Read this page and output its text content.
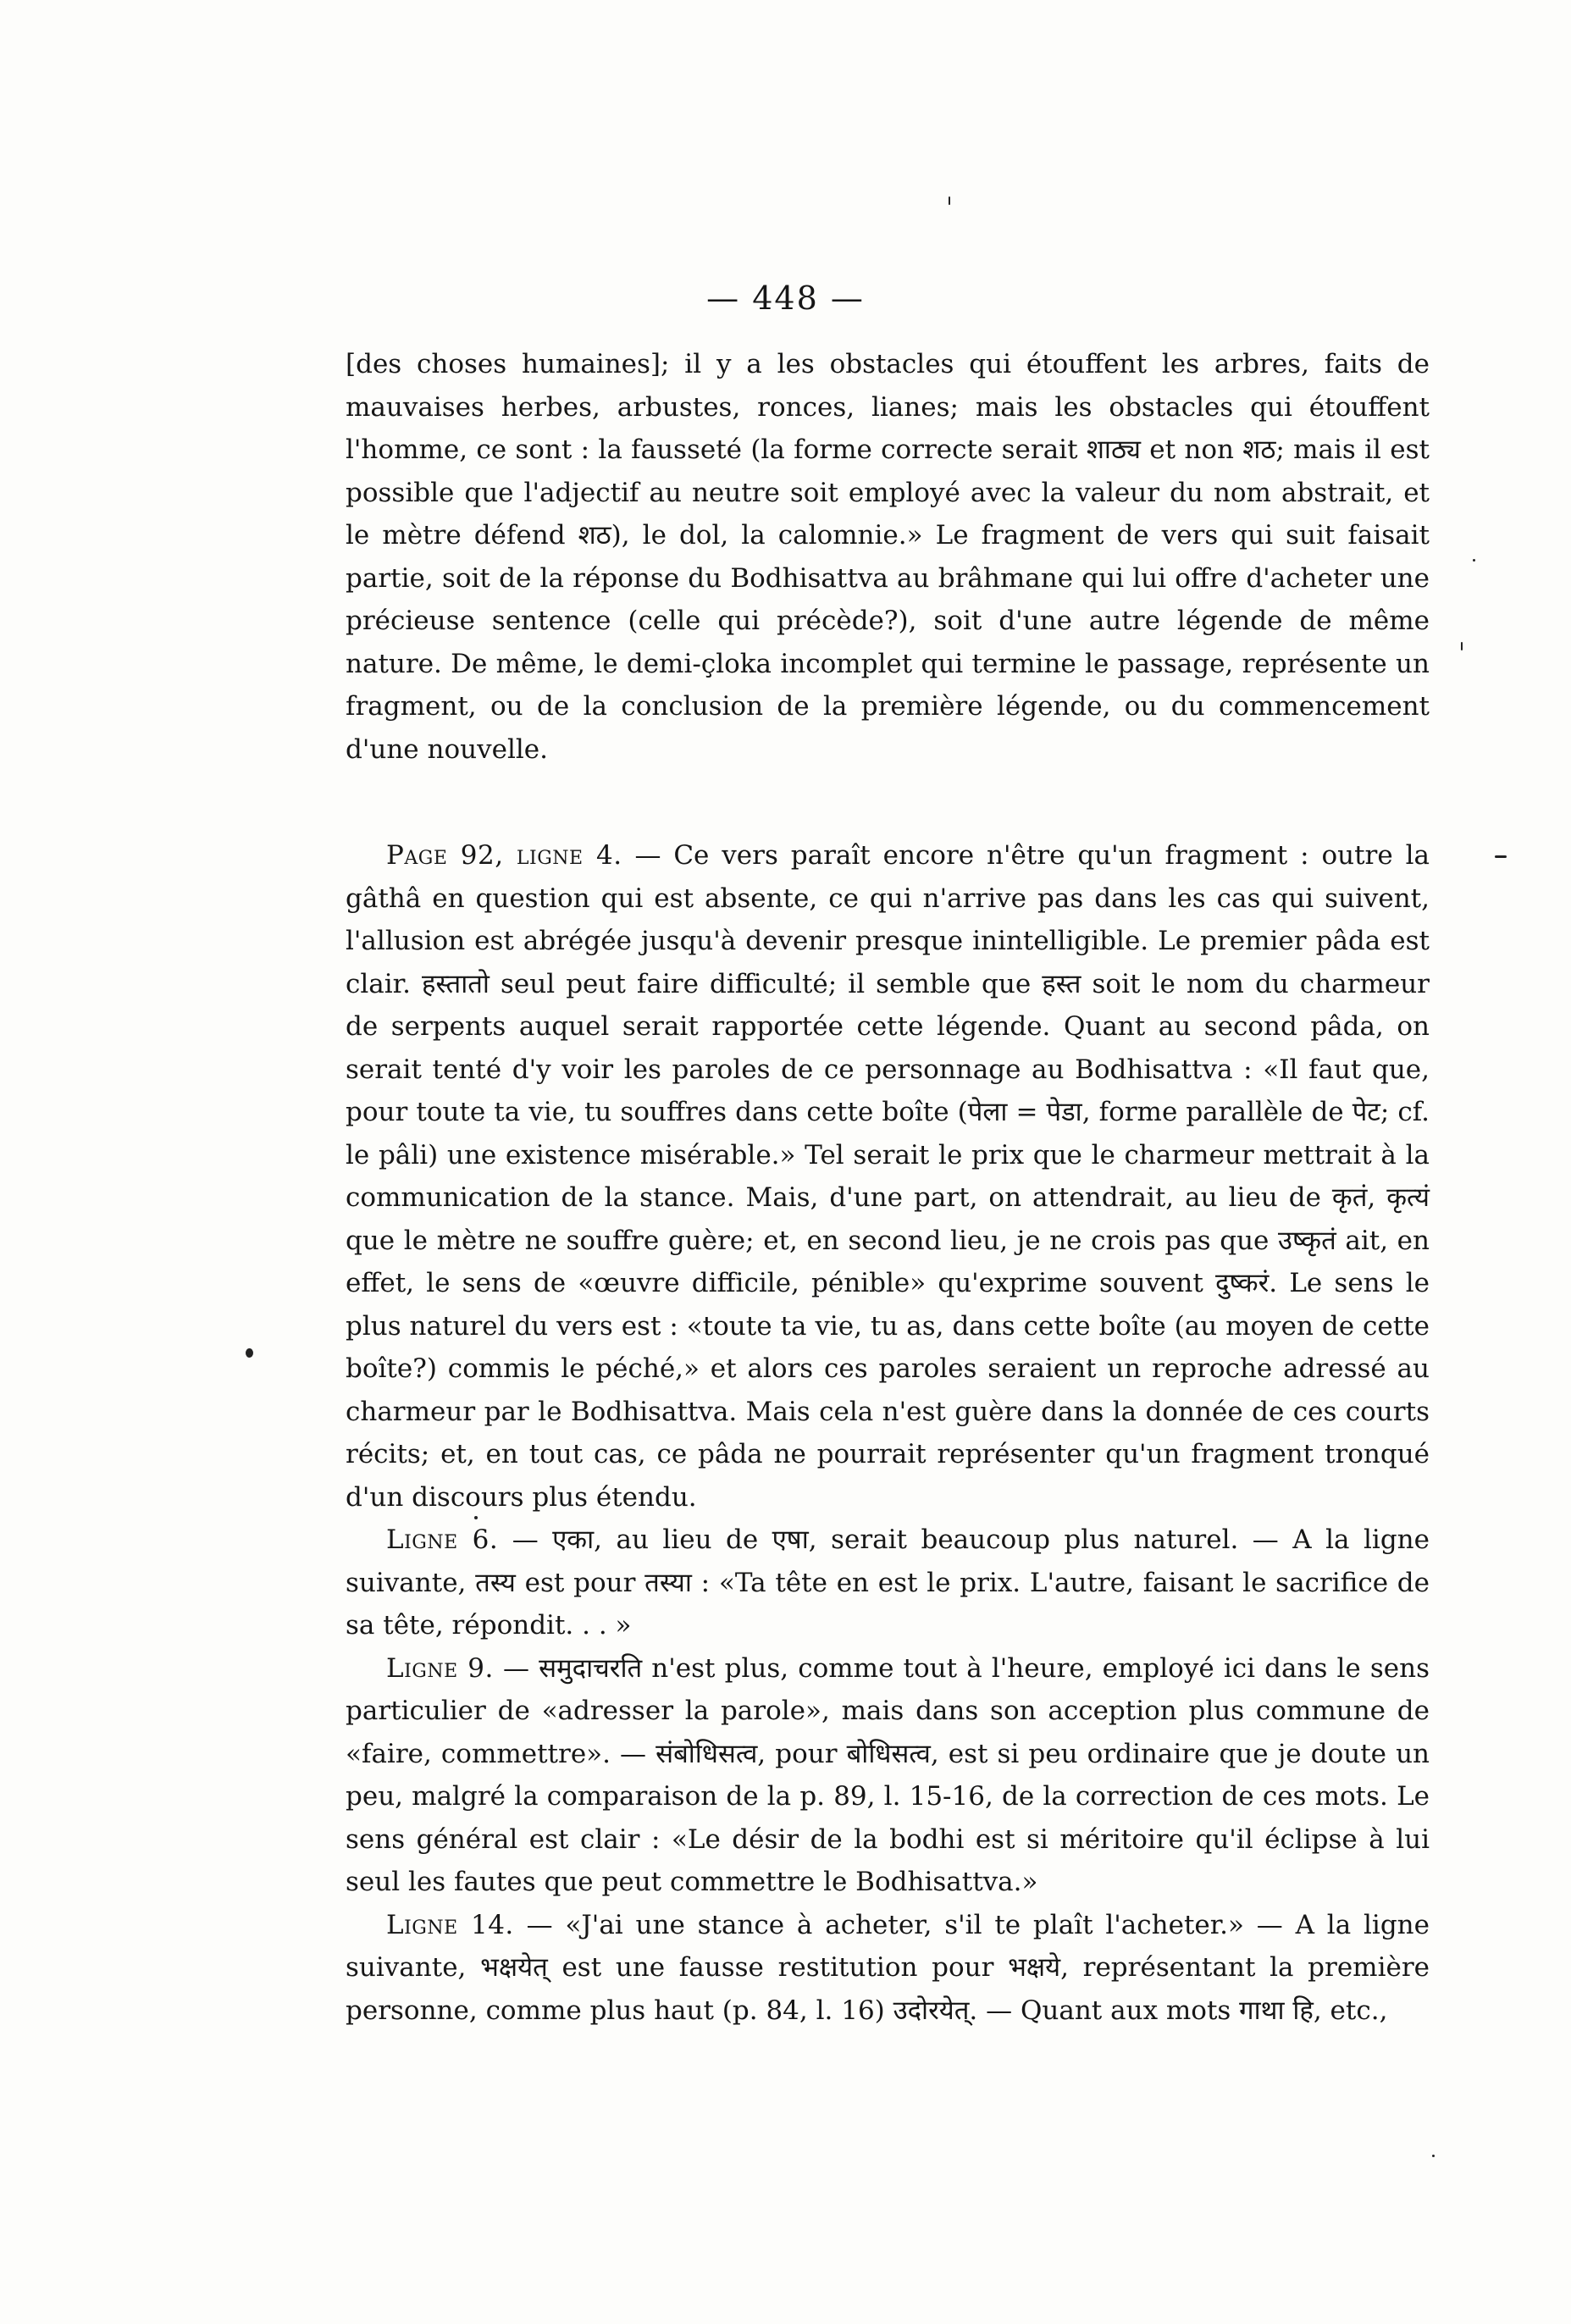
— 448 —

[des choses humaines]; il y a les obstacles qui étouffent les arbres, faits de mauvaises herbes, arbustes, ronces, lianes; mais les obstacles qui étouffent l'homme, ce sont : la fausseté (la forme correcte serait शाठ्य et non शठ; mais il est possible que l'adjectif au neutre soit employé avec la valeur du nom abstrait, et le mètre défend शठ), le dol, la calomnie.» Le fragment de vers qui suit faisait partie, soit de la réponse du Bodhisattva au brâhmane qui lui offre d'acheter une précieuse sentence (celle qui précède?), soit d'une autre légende de même nature. De même, le demi-çloka incomplet qui termine le passage, représente un fragment, ou de la conclusion de la première légende, ou du commencement d'une nouvelle.

Page 92, ligne 4. — Ce vers paraît encore n'être qu'un fragment : outre la gâthâ en question qui est absente, ce qui n'arrive pas dans les cas qui suivent, l'allusion est abrégée jusqu'à devenir presque inintelligible. Le premier pâda est clair. हस्तातो seul peut faire difficulté; il semble que हस्त soit le nom du charmeur de serpents auquel serait rapportée cette légende. Quant au second pâda, on serait tenté d'y voir les paroles de ce personnage au Bodhisattva : «Il faut que, pour toute ta vie, tu souffres dans cette boîte (पेला = पेडा, forme parallèle de पेट; cf. le pâli) une existence misérable.» Tel serait le prix que le charmeur mettrait à la communication de la stance. Mais, d'une part, on attendrait, au lieu de कृतं, कृत्यं que le mètre ne souffre guère; et, en second lieu, je ne crois pas que उष्कृतं ait, en effet, le sens de «œuvre difficile, pénible» qu'exprime souvent दुष्करं. Le sens le plus naturel du vers est : «toute ta vie, tu as, dans cette boîte (au moyen de cette boîte?) commis le péché,» et alors ces paroles seraient un reproche adressé au charmeur par le Bodhisattva. Mais cela n'est guère dans la donnée de ces courts récits; et, en tout cas, ce pâda ne pourrait représenter qu'un fragment tronqué d'un discours plus étendu.

Ligne 6. — एका, au lieu de एषा, serait beaucoup plus naturel. — A la ligne suivante, तस्य est pour तस्या : «Ta tête en est le prix. L'autre, faisant le sacrifice de sa tête, répondit. . . »

Ligne 9. — समुदाचरति n'est plus, comme tout à l'heure, employé ici dans le sens particulier de «adresser la parole», mais dans son acception plus commune de «faire, commettre». — संबोधिसत्व, pour बोधिसत्व, est si peu ordinaire que je doute un peu, malgré la comparaison de la p. 89, l. 15-16, de la correction de ces mots. Le sens général est clair : «Le désir de la bodhi est si méritoire qu'il éclipse à lui seul les fautes que peut commettre le Bodhisattva.»

Ligne 14. — «J'ai une stance à acheter, s'il te plaît l'acheter.» — A la ligne suivante, भक्षयेत् est une fausse restitution pour भक्षये, représentant la première personne, comme plus haut (p. 84, l. 16) उदोरयेत्. — Quant aux mots गाथा हि, etc.,
